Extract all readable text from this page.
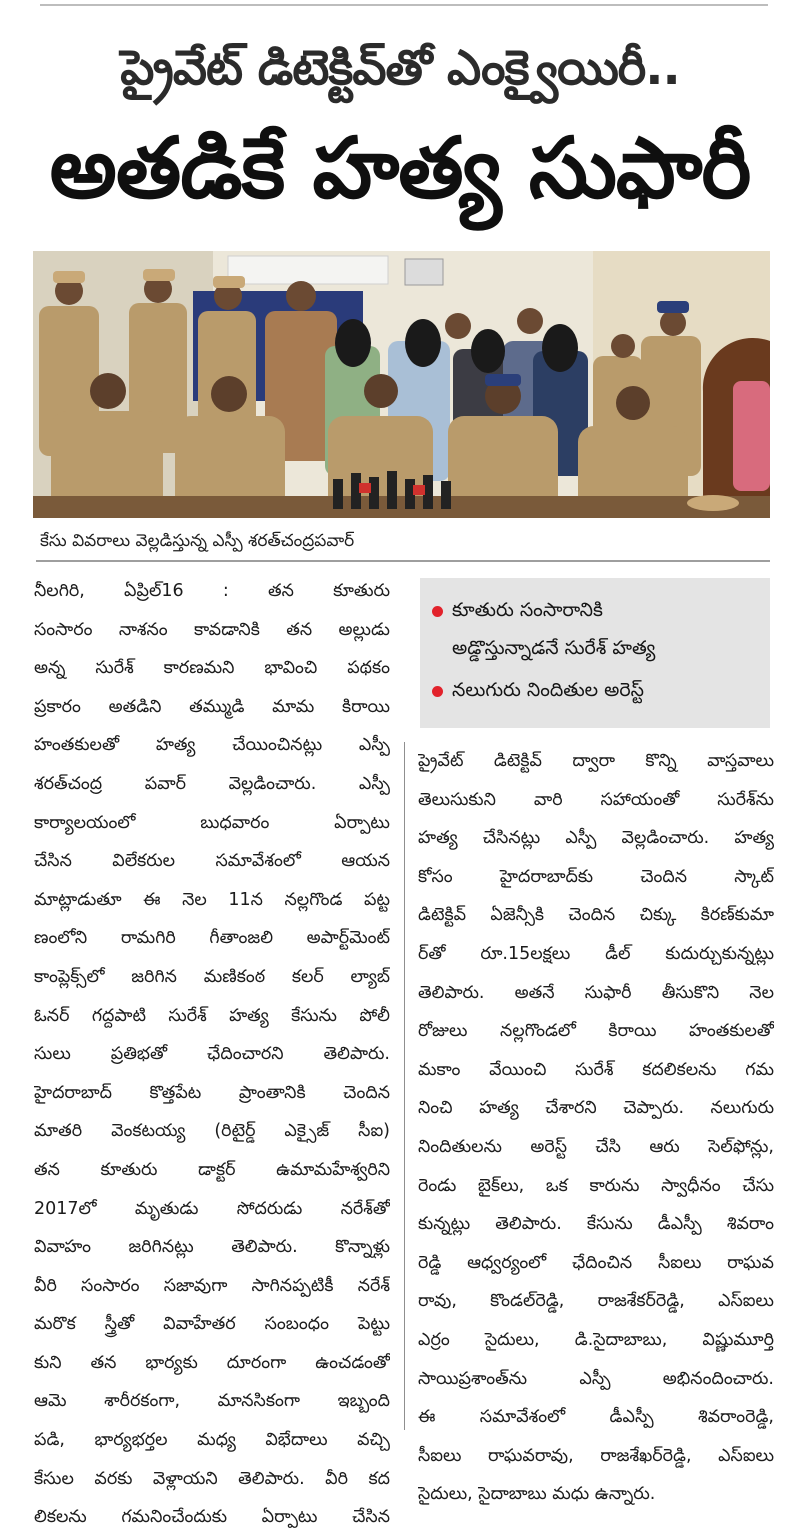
ప్రైవేట్ డిటెక్టివ్‌తో ఎంక్వైయిరీ..
అతడికే హత్య సుఫారీ
కేసు వివరాలు వెల్లడిస్తున్న ఎస్పీ శరత్‌చంద్రపవార్
కూతురు సంసారానికి
అడ్డొస్తున్నాడనే సురేశ్‌ హత్య
నలుగురు నిందితుల అరెస్ట్
నీలగిరి, ఏప్రిల్‌16 : తన కూతురు
సంసారం నాశనం కావడానికి తన అల్లుడు
అన్న సురేశ్ కారణమని భావించి పథకం
ప్రకారం అతడిని తమ్ముడి మామ కిరాయి
హంతకులతో హత్య చేయించినట్లు ఎస్పీ
శరత్‌చంద్ర పవార్ వెల్లడించారు. ఎస్పీ
కార్యాలయంలో బుధవారం ఏర్పాటు
చేసిన విలేకరుల సమావేశంలో ఆయన
మాట్లాడుతూ ఈ నెల 11న నల్లగొండ పట్ట
ణంలోని రామగిరి గీతాంజలి అపార్ట్‌మెంట్
కాంప్లెక్స్‌లో జరిగిన మణికంఠ కలర్ ల్యాబ్
ఓనర్ గద్దపాటి సురేశ్ హత్య కేసును పోలీ
సులు ప్రతిభతో ఛేదించారని తెలిపారు.
హైదరాబాద్ కొత్తపేట ప్రాంతానికి చెందిన
మాతరి వెంకటయ్య (రిటైర్డ్ ఎక్సైజ్ సీఐ)
తన కూతురు డాక్టర్ ఉమామహేశ్వరిని
2017లో మృతుడు సోదరుడు నరేశ్‌తో
వివాహం జరిగినట్లు తెలిపారు. కొన్నాళ్లు
వీరి సంసారం సజావుగా సాగినప్పటికీ నరేశ్
మరొక స్త్రీతో వివాహేతర సంబంధం పెట్టు
కుని తన భార్యకు దూరంగా ఉంచడంతో
ఆమె శారీరకంగా, మానసికంగా ఇబ్బంది
పడి, భార్యభర్తల మధ్య విభేదాలు వచ్చి
కేసుల వరకు వెళ్లాయని తెలిపారు. వీరి కద
లికలను గమనించేందుకు ఏర్పాటు చేసిన
ప్రైవేట్ డిటెక్టివ్ ద్వారా కొన్ని వాస్తవాలు
తెలుసుకుని వారి సహాయంతో సురేశ్‌ను
హత్య చేసినట్లు ఎస్పీ వెల్లడించారు. హత్య
కోసం హైదరాబాద్‌కు చెందిన స్కాట్
డిటెక్టివ్ ఏజెన్సీకి చెందిన చిక్కు కిరణ్‌కుమా
ర్‌తో రూ.15లక్షలు డీల్ కుదుర్చుకున్నట్లు
తెలిపారు. అతనే సుఫారీ తీసుకొని నెల
రోజులు నల్లగొండలో కిరాయి హంతకులతో
మకాం వేయించి సురేశ్ కదలికలను గమ
నించి హత్య చేశారని చెప్పారు. నలుగురు
నిందితులను అరెస్ట్ చేసి ఆరు సెల్‌ఫోన్లు,
రెండు బైక్‌లు, ఒక కారును స్వాధీనం చేసు
కున్నట్లు తెలిపారు. కేసును డీఎస్పీ శివరాం
రెడ్డి ఆధ్వర్యంలో ఛేదించిన సీఐలు రాఘవ
రావు, కొండల్‌రెడ్డి, రాజశేకర్‌రెడ్డి, ఎస్‌ఐలు
ఎర్రం సైదులు, డి.సైదాబాబు, విష్ణుమూర్తి
సాయిప్రశాంత్‌ను ఎస్పీ అభినందించారు.
ఈ సమావేశంలో డీఎస్పీ శివరాంరెడ్డి,
సీఐలు రాఘవరావు, రాజశేఖర్‌రెడ్డి, ఎస్‌ఐలు
సైదులు, సైదాబాబు మధు ఉన్నారు.
